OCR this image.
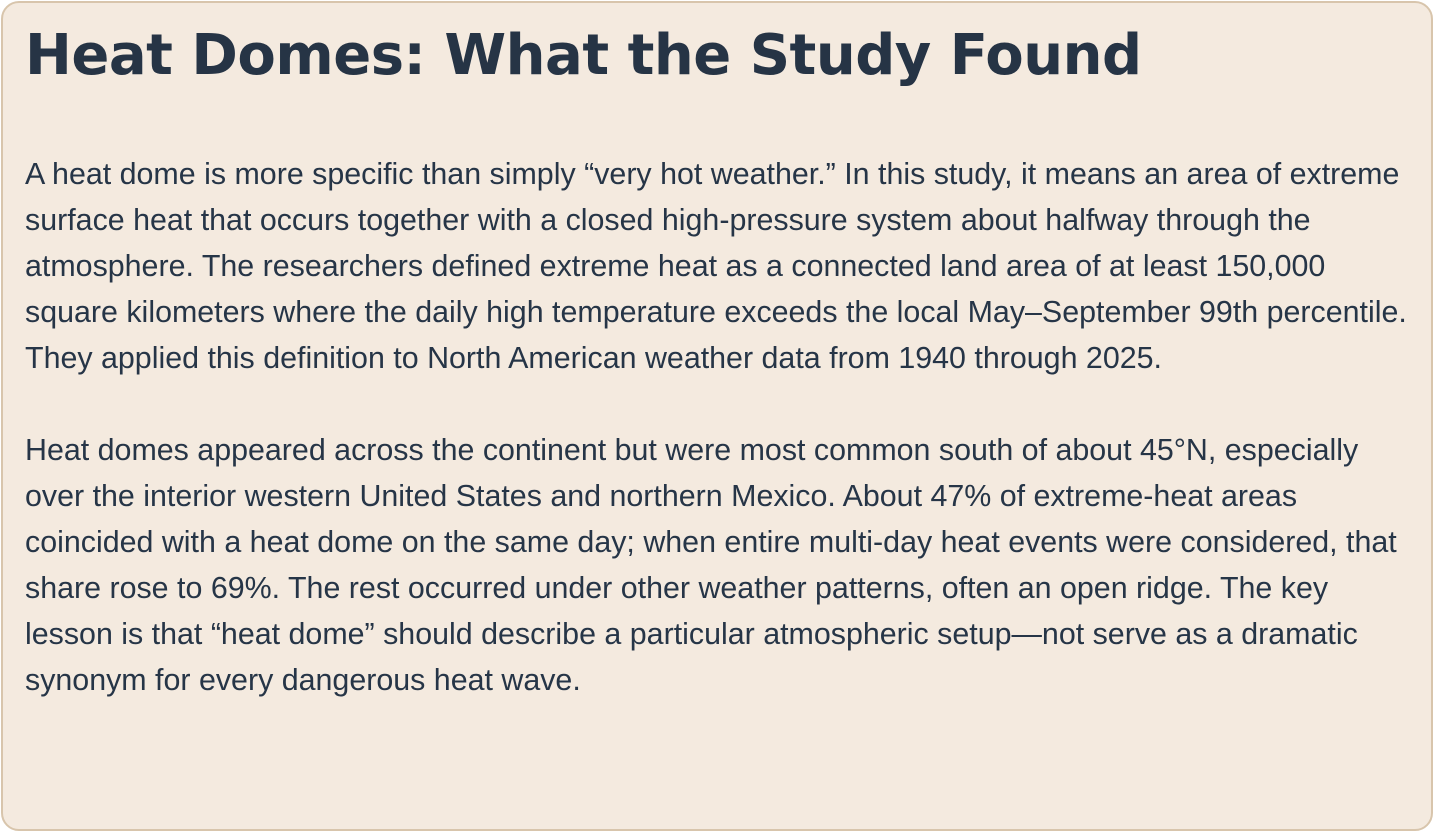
Heat Domes: What the Study Found

A heat dome is more specific than simply “very hot weather.” In this study, it means an area of extreme surface heat that occurs together with a closed high-pressure system about halfway through the atmosphere. The researchers defined extreme heat as a connected land area of at least 150,000 square kilometers where the daily high temperature exceeds the local May–September 99th percentile. They applied this definition to North American weather data from 1940 through 2025.

Heat domes appeared across the continent but were most common south of about 45°N, especially over the interior western United States and northern Mexico. About 47% of extreme-heat areas coincided with a heat dome on the same day; when entire multi-day heat events were considered, that share rose to 69%. The rest occurred under other weather patterns, often an open ridge. The key lesson is that “heat dome” should describe a particular atmospheric setup—not serve as a dramatic synonym for every dangerous heat wave.
